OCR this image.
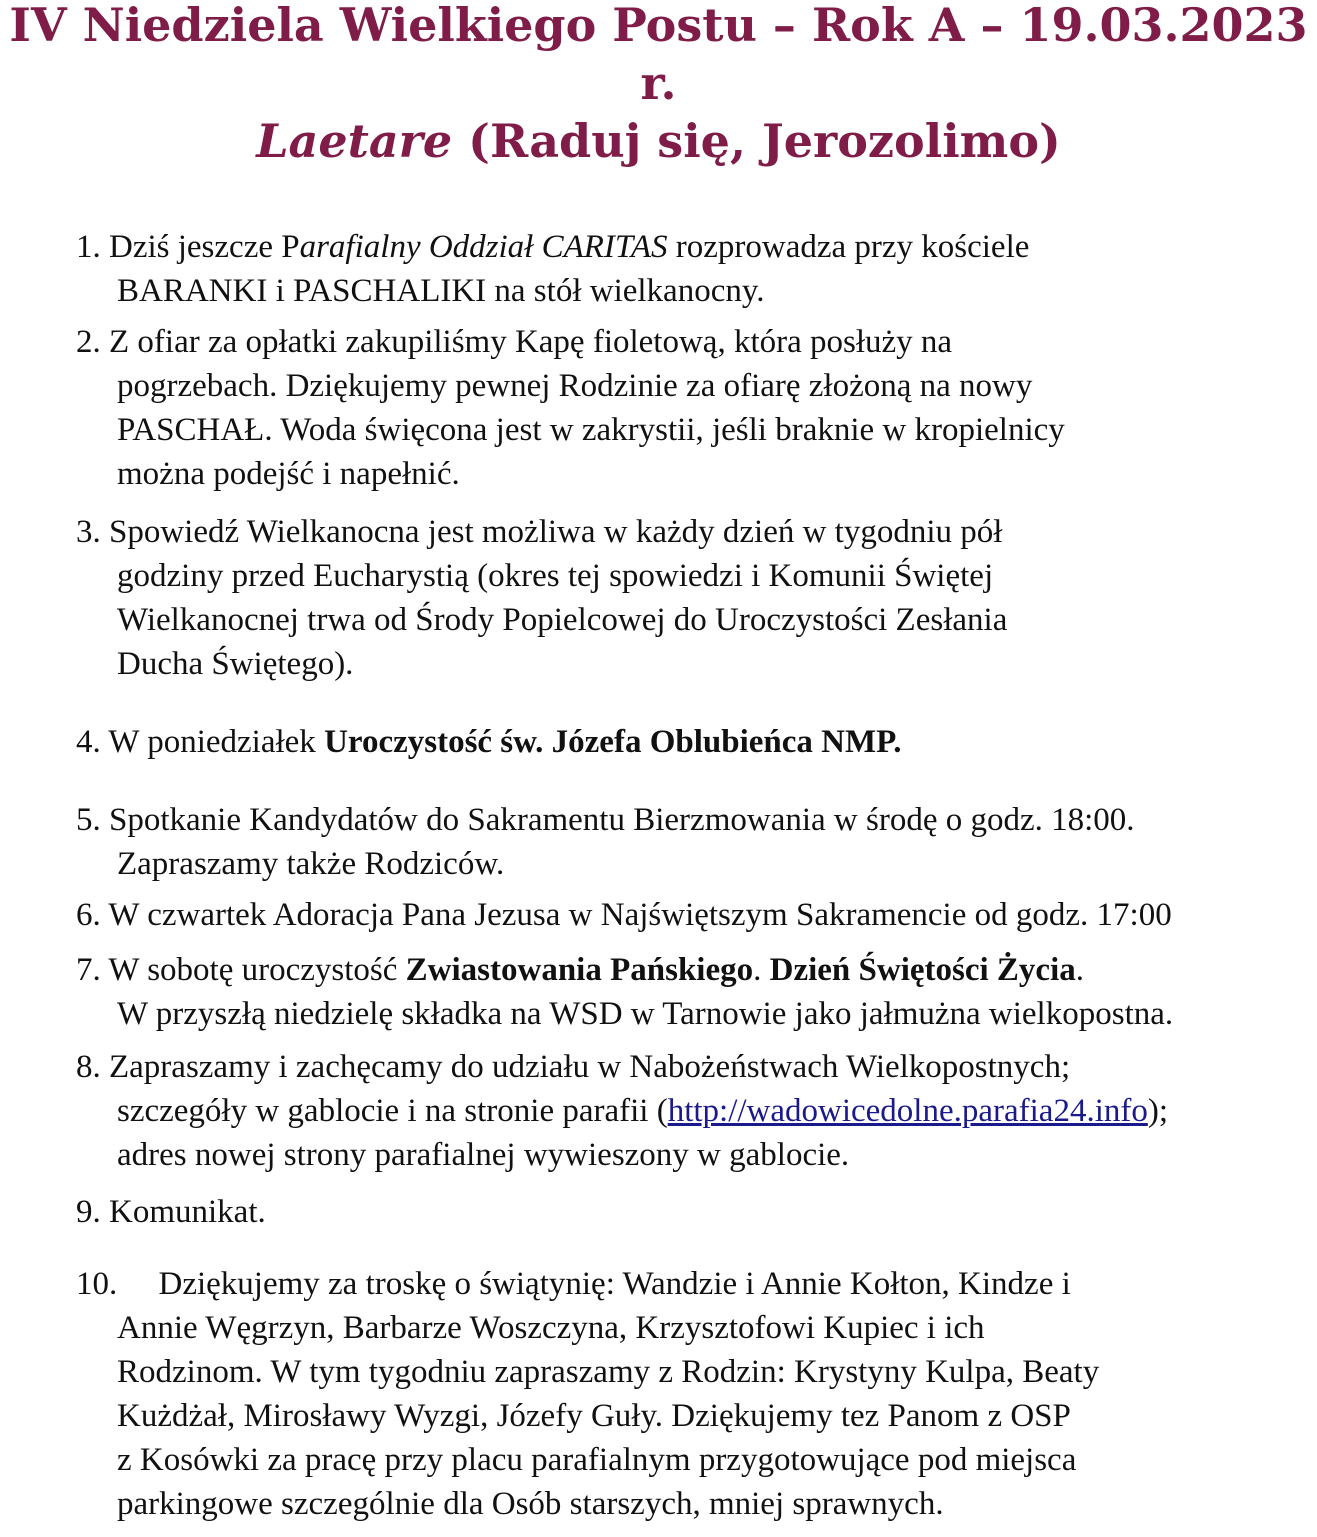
IV Niedziela Wielkiego Postu – Rok A – 19.03.2023
r.
Laetare (Raduj się, Jerozolimo)
1. Dziś jeszcze Parafialny Oddział CARITAS rozprowadza przy kościele
BARANKI i PASCHALIKI na stół wielkanocny.
2. Z ofiar za opłatki zakupiliśmy Kapę fioletową, która posłuży na
pogrzebach. Dziękujemy pewnej Rodzinie za ofiarę złożoną na nowy
PASCHAŁ. Woda święcona jest w zakrystii, jeśli braknie w kropielnicy
można podejść i napełnić.
3. Spowiedź Wielkanocna jest możliwa w każdy dzień w tygodniu pół
godziny przed Eucharystią (okres tej spowiedzi i Komunii Świętej
Wielkanocnej trwa od Środy Popielcowej do Uroczystości Zesłania
Ducha Świętego).
4. W poniedziałek Uroczystość św. Józefa Oblubieńca NMP.
5. Spotkanie Kandydatów do Sakramentu Bierzmowania w środę o godz. 18:00.
Zapraszamy także Rodziców.
6. W czwartek Adoracja Pana Jezusa w Najświętszym Sakramencie od godz. 17:00
7. W sobotę uroczystość Zwiastowania Pańskiego. Dzień Świętości Życia.
W przyszłą niedzielę składka na WSD w Tarnowie jako jałmużna wielkopostna.
8. Zapraszamy i zachęcamy do udziału w Nabożeństwach Wielkopostnych;
szczegóły w gablocie i na stronie parafii (http://wadowicedolne.parafia24.info);
adres nowej strony parafialnej wywieszony w gablocie.
9. Komunikat.
10.     Dziękujemy za troskę o świątynię: Wandzie i Annie Kołton, Kindze i
Annie Węgrzyn, Barbarze Woszczyna, Krzysztofowi Kupiec i ich
Rodzinom. W tym tygodniu zapraszamy z Rodzin: Krystyny Kulpa, Beaty
Kużdżał, Mirosławy Wyzgi, Józefy Guły. Dziękujemy tez Panom z OSP
z Kosówki za pracę przy placu parafialnym przygotowujące pod miejsca
parkingowe szczególnie dla Osób starszych, mniej sprawnych.
